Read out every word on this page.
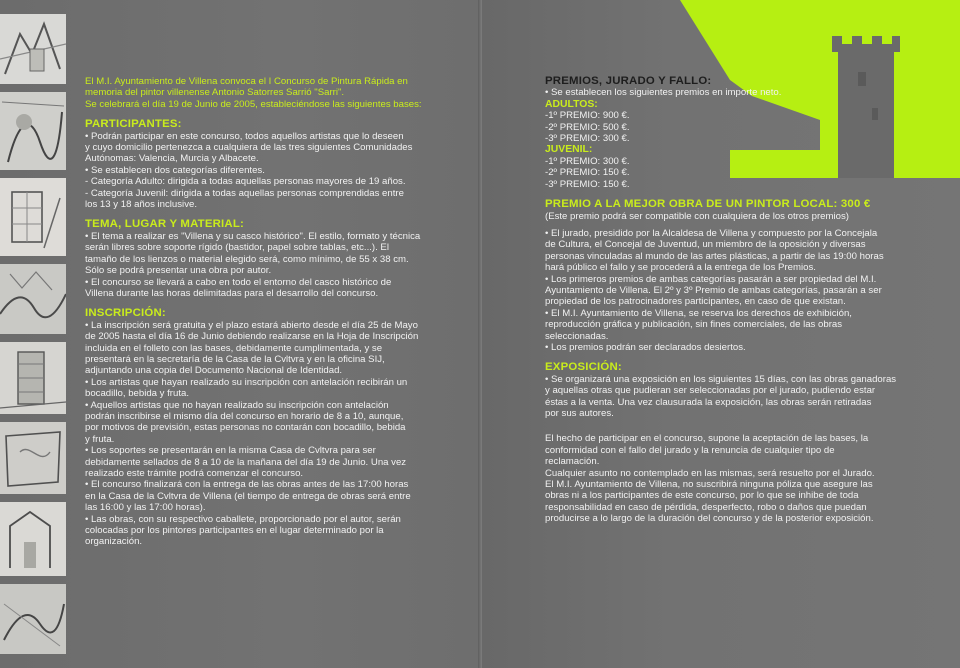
El M.I. Ayuntamiento de Villena convoca el I Concurso de Pintura Rápida en

memoria del pintor villenense Antonio Satorres Sarrió "Sarri".

Se celebrará el día 19 de Junio de 2005, estableciéndose las siguientes bases:

PARTICIPANTES:

• Podrán participar en este concurso, todos aquellos artistas que lo deseen

y cuyo domicilio pertenezca a cualquiera de las tres siguientes Comunidades

Autónomas: Valencia, Murcia y Albacete.

• Se establecen dos categorías diferentes.

- Categoría Adulto: dirigida a todas aquellas personas mayores de 19 años.

- Categoría Juvenil: dirigida a todas aquellas personas comprendidas entre

los 13 y 18 años inclusive.

TEMA, LUGAR Y MATERIAL:

• El tema a realizar es "Villena y su casco histórico". El estilo, formato y técnica

serán libres sobre soporte rígido (bastidor, papel sobre tablas, etc...). El

tamaño de los lienzos o material elegido será, como mínimo, de 55 x 38 cm.

Sólo se podrá presentar una obra por autor.

• El concurso se llevará a cabo en todo el entorno del casco histórico de

Villena durante las horas delimitadas para el desarrollo del concurso.

INSCRIPCIÓN:

• La inscripción será gratuita y el plazo estará abierto desde el día 25 de Mayo

de 2005 hasta el día 16 de Junio debiendo realizarse en la Hoja de Inscripción

incluida en el folleto con las bases, debidamente cumplimentada, y se

presentará en la secretaría de la Casa de la Cvltvra y en la oficina SIJ,

adjuntando una copia del Documento Nacional de Identidad.

• Los artistas que hayan realizado su inscripción con antelación recibirán un

bocadillo, bebida y fruta.

• Aquellos artistas que no hayan realizado su inscripción con antelación

podrán inscribirse el mismo día del concurso en horario de 8 a 10, aunque,

por motivos de previsión, estas personas no contarán con bocadillo, bebida

y fruta.

• Los soportes se presentarán en la misma Casa de Cvltvra para ser

debidamente sellados de 8 a 10 de la mañana del día 19 de Junio. Una vez

realizado este trámite podrá comenzar el concurso.

• El concurso finalizará con la entrega de las obras antes de las 17:00 horas

en la Casa de la Cvltvra de Villena (el tiempo de entrega de obras será entre

las 16:00 y las 17:00 horas).

• Las obras, con su respectivo caballete, proporcionado por el autor, serán

colocadas por los pintores participantes en el lugar determinado por la

organización.

PREMIOS, JURADO Y FALLO:

• Se establecen los siguientes premios en importe neto.

ADULTOS:

-1º PREMIO: 900 €.

-2º PREMIO: 500 €.

-3º PREMIO: 300 €.

JUVENIL:

-1º PREMIO: 300 €.

-2º PREMIO: 150 €.

-3º PREMIO: 150 €.

PREMIO A LA MEJOR OBRA DE UN PINTOR LOCAL: 300 €

(Este premio podrá ser compatible con cualquiera de los otros premios)

• El jurado, presidido por la Alcaldesa de Villena y compuesto por la Concejala

de Cultura, el Concejal de Juventud, un miembro de la oposición y diversas

personas vinculadas al mundo de las artes plásticas, a partir de las 19:00 horas

hará público el fallo y se procederá a la entrega de los Premios.

• Los primeros premios de ambas categorías pasarán a ser propiedad del M.I.

Ayuntamiento de Villena. El 2º y 3º Premio de ambas categorías, pasarán a ser

propiedad de los patrocinadores participantes, en caso de que existan.

• El M.I. Ayuntamiento de Villena, se reserva los derechos de exhibición,

reproducción gráfica y publicación, sin fines comerciales, de las obras

seleccionadas.

• Los premios podrán ser declarados desiertos.

EXPOSICIÓN:

• Se organizará una exposición en los siguientes 15 días, con las obras ganadoras

y aquellas otras que pudieran ser seleccionadas por el jurado, pudiendo estar

éstas a la venta. Una vez clausurada la exposición, las obras serán retiradas

por sus autores.

El hecho de participar en el concurso, supone la aceptación de las bases, la

conformidad con el fallo del jurado y la renuncia de cualquier tipo de

reclamación.

Cualquier asunto no contemplado en las mismas, será resuelto por el Jurado.

El M.I. Ayuntamiento de Villena, no suscribirá ninguna póliza que asegure las

obras ni a los participantes de este concurso, por lo que se inhibe de toda

responsabilidad en caso de pérdida, desperfecto, robo o daños que puedan

producirse a lo largo de la duración del concurso y de la posterior exposición.
